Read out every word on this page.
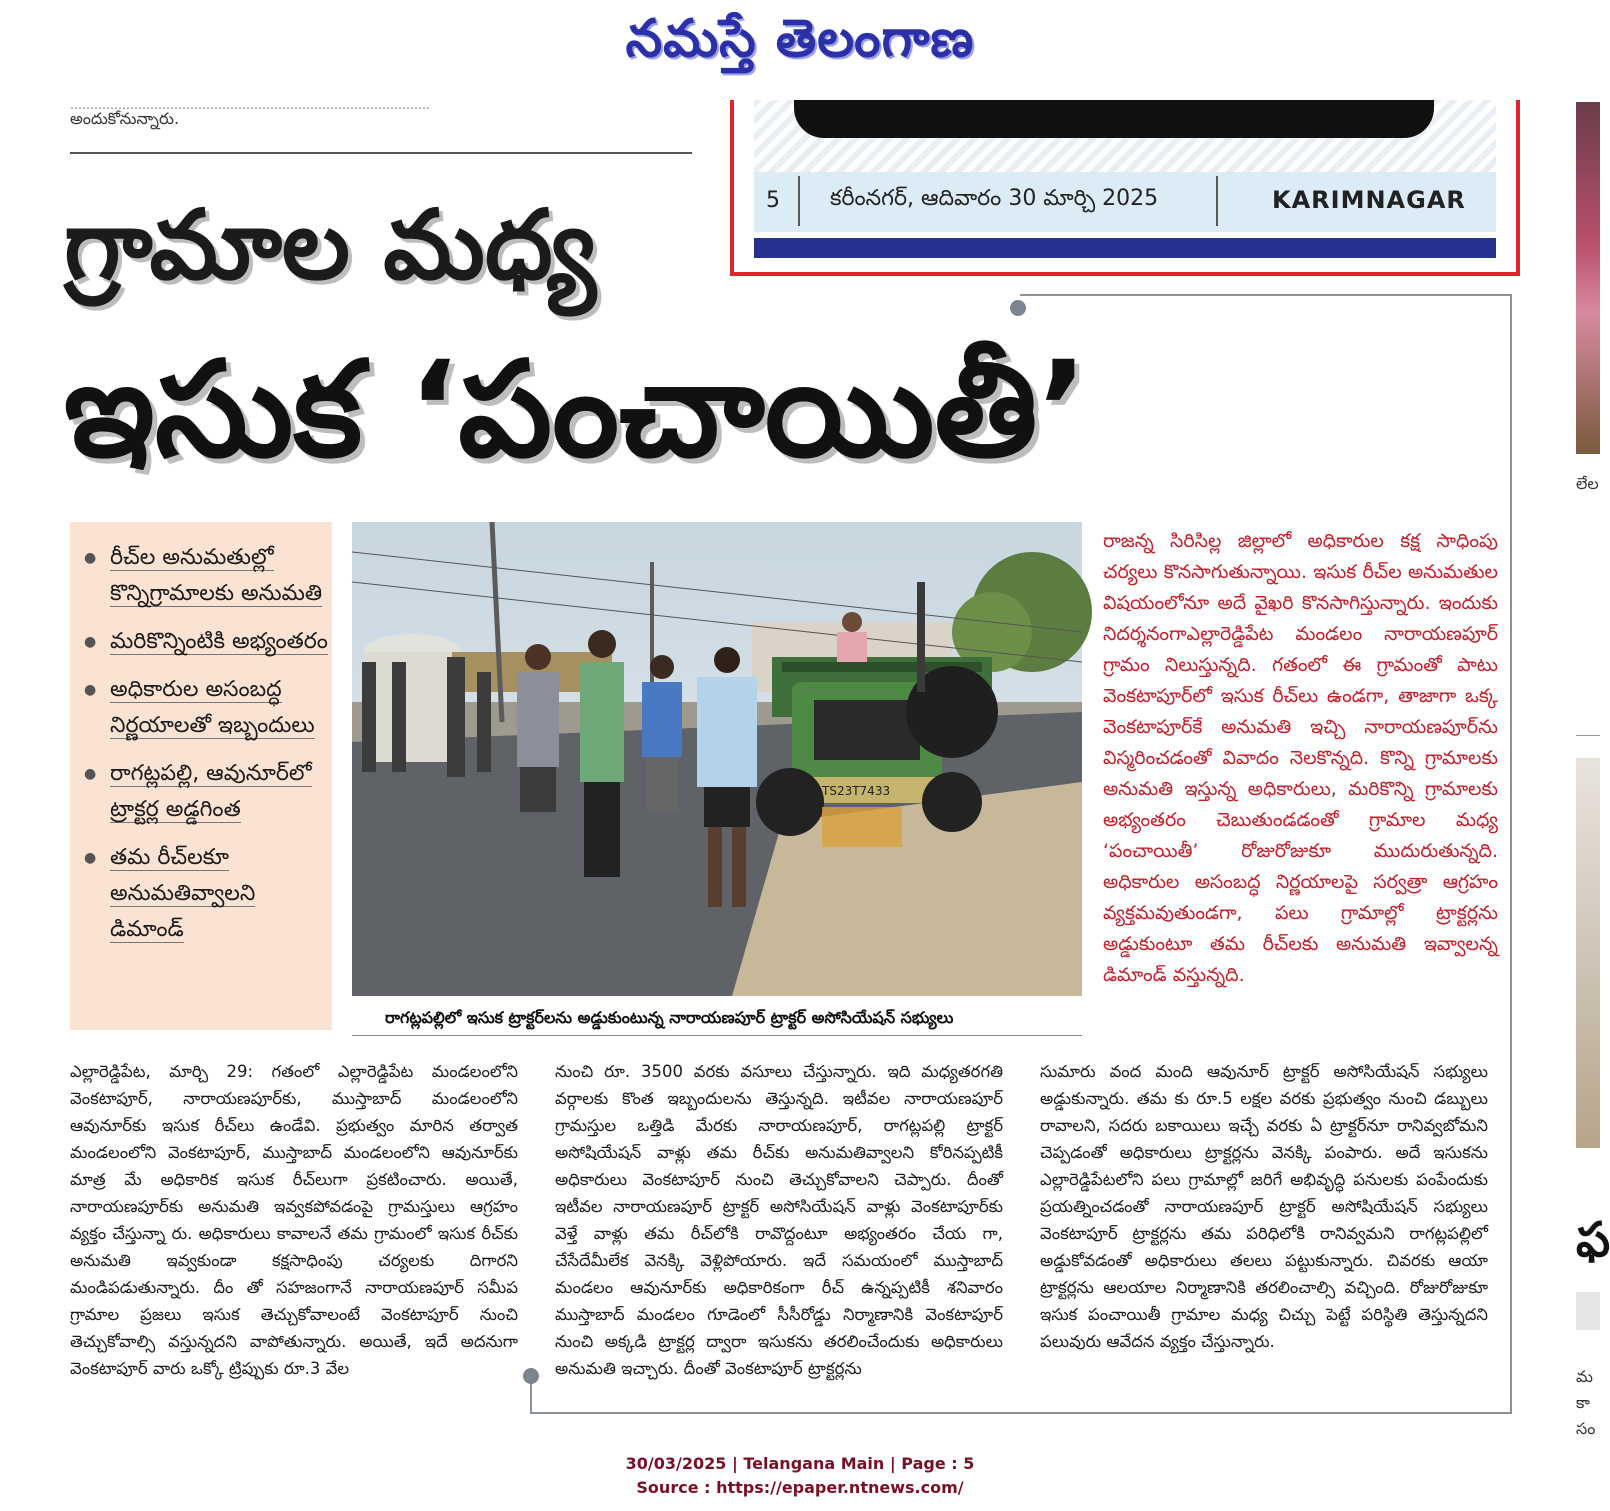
నమస్తే తెలంగాణ
………………………………………………………………………………
అందుకోనున్నారు.
5 కరీంనగర్, ఆదివారం 30 మార్చి 2025	KARIMNAGAR
గ్రామాల మధ్య
ఇసుక ‘పంచాయితీ’
● రీచ్‌ల అనుమతుల్లో కొన్నిగ్రామాలకు అనుమతి
● మరికొన్నింటికి అభ్యంతరం
● అధికారుల అసంబద్ధ నిర్ణయాలతో ఇబ్బందులు
● రాగట్లపల్లి, ఆవునూర్‌లో ట్రాక్టర్ల అడ్డగింత
● తమ రీచ్‌లకూ అనుమతివ్వాలని డిమాండ్
TS23T7433
రాగట్లపల్లిలో ఇసుక ట్రాక్టర్‌లను అడ్డుకుంటున్న నారాయణపూర్ ట్రాక్టర్ అసోసియేషన్ సభ్యులు
రాజన్న సిరిసిల్ల జిల్లాలో అధికారుల కక్ష సాధింపు చర్యలు కొనసాగుతున్నాయి. ఇసుక రీచ్‌ల అనుమతుల విషయంలోనూ అదే వైఖరి కొనసాగిస్తున్నారు. ఇందుకు నిదర్శనంగాఎల్లారెడ్డిపేట మండలం నారాయణపూర్ గ్రామం నిలుస్తున్నది. గతంలో ఈ గ్రామంతో పాటు వెంకటాపూర్‌లో ఇసుక రీచ్‌లు ఉండగా, తాజాగా ఒక్క వెంకటాపూర్‌కే అనుమతి ఇచ్చి నారాయణపూర్‌ను విస్మరించడంతో వివాదం నెలకొన్నది. కొన్ని గ్రామాలకు అనుమతి ఇస్తున్న అధికారులు, మరికొన్ని గ్రామాలకు అభ్యంతరం చెబుతుండడంతో గ్రామాల మధ్య ‘పంచాయితీ’ రోజురోజుకూ ముదురుతున్నది. అధికారుల అసంబద్ధ నిర్ణయాలపై సర్వత్రా ఆగ్రహం వ్యక్తమవుతుండగా, పలు గ్రామాల్లో ట్రాక్టర్లను అడ్డుకుంటూ తమ రీచ్‌లకు అనుమతి ఇవ్వాలన్న డిమాండ్ వస్తున్నది.
ఎల్లారెడ్డిపేట, మార్చి 29: గతంలో ఎల్లారెడ్డిపేట మండలంలోని వెంకటాపూర్, నారాయణపూర్‌కు, ముస్తాబాద్ మండలంలోని ఆవునూర్‌కు ఇసుక రీచ్‌లు ఉండేవి. ప్రభుత్వం మారిన తర్వాత మండలంలోని వెంకటాపూర్, ముస్తాబాద్ మండలంలోని ఆవునూర్‌కు మాత్ర మే అధికారిక ఇసుక రీచ్‌లుగా ప్రకటించారు. అయితే, నారాయణపూర్‌కు అనుమతి ఇవ్వకపోవడంపై గ్రామస్తులు ఆగ్రహం వ్యక్తం చేస్తున్నా రు. అధికారులు కావాలనే తమ గ్రామంలో ఇసుక రీచ్‌కు అనుమతి ఇవ్వకుండా కక్షసాధింపు చర్యలకు దిగారని మండిపడుతున్నారు. దీం తో సహజంగానే నారాయణపూర్ సమీప గ్రామాల ప్రజలు ఇసుక తెచ్చుకోవాలంటే వెంకటాపూర్ నుంచి తెచ్చుకోవాల్సి వస్తున్నదని వాపోతున్నారు. అయితే, ఇదే అదనుగా వెంకటాపూర్ వారు ఒక్కో ట్రిప్పుకు రూ.3 వేల
నుంచి రూ. 3500 వరకు వసూలు చేస్తున్నారు. ఇది మధ్యతరగతి వర్గాలకు కొంత ఇబ్బందులను తెస్తున్నది. ఇటీవల నారాయణపూర్ గ్రామస్తుల ఒత్తిడి మేరకు నారాయణపూర్, రాగట్లపల్లి ట్రాక్టర్ అసోషియేషన్ వాళ్లు తమ రీచ్‌కు అనుమతివ్వాలని కోరినప్పటికీ అధికారులు వెంకటాపూర్ నుంచి తెచ్చుకోవాలని చెప్పారు. దీంతో ఇటీవల నారాయణపూర్ ట్రాక్టర్ అసోసియేషన్ వాళ్లు వెంకటాపూర్‌కు వెళ్తే వాళ్లు తమ రీచ్‌లోకి రావొద్దంటూ అభ్యంతరం చేయ గా, చేసేదేమీలేక వెనక్కి వెళ్లిపోయారు. ఇదే సమయంలో ముస్తాబాద్ మండలం ఆవునూర్‌కు అధికారికంగా రీచ్ ఉన్నప్పటికీ శనివారం ముస్తాబాద్ మండలం గూడెంలో సీసీరోడ్డు నిర్మాణానికి వెంకటాపూర్ నుంచి అక్కడి ట్రాక్టర్ల ద్వారా ఇసుకను తరలించేందుకు అధికారులు అనుమతి ఇచ్చారు. దీంతో వెంకటాపూర్ ట్రాక్టర్లను
సుమారు వంద మంది ఆవునూర్ ట్రాక్టర్ అసోసియేషన్ సభ్యులు అడ్డుకున్నారు. తమ కు రూ.5 లక్షల వరకు ప్రభుత్వం నుంచి డబ్బులు రావాలని, సదరు బకాయిలు ఇచ్చే వరకు ఏ ట్రాక్టర్‌నూ రానివ్వబోమని చెప్పడంతో అధికారులు ట్రాక్టర్లను వెనక్కి పంపారు. అదే ఇసుకను ఎల్లారెడ్డిపేటలోని పలు గ్రామాల్లో జరిగే అభివృద్ధి పనులకు పంపేందుకు ప్రయత్నించడంతో నారాయణపూర్ ట్రాక్టర్ అసోషియేషన్ సభ్యులు వెంకటాపూర్ ట్రాక్టర్లను తమ పరిధిలోకి రానివ్వమని రాగట్లపల్లిలో అడ్డుకోవడంతో అధికారులు తలలు పట్టుకున్నారు. చివరకు ఆయా ట్రాక్టర్లను ఆలయాల నిర్మాణానికి తరలించాల్సి వచ్చింది. రోజురోజుకూ ఇసుక పంచాయితీ గ్రామాల మధ్య చిచ్చు పెట్టే పరిస్థితి తెస్తున్నదని పలువురు ఆవేదన వ్యక్తం చేస్తున్నారు.
లేల
ఫ
మ కా సం
30/03/2025 | Telangana Main | Page : 5
Source : https://epaper.ntnews.com/
